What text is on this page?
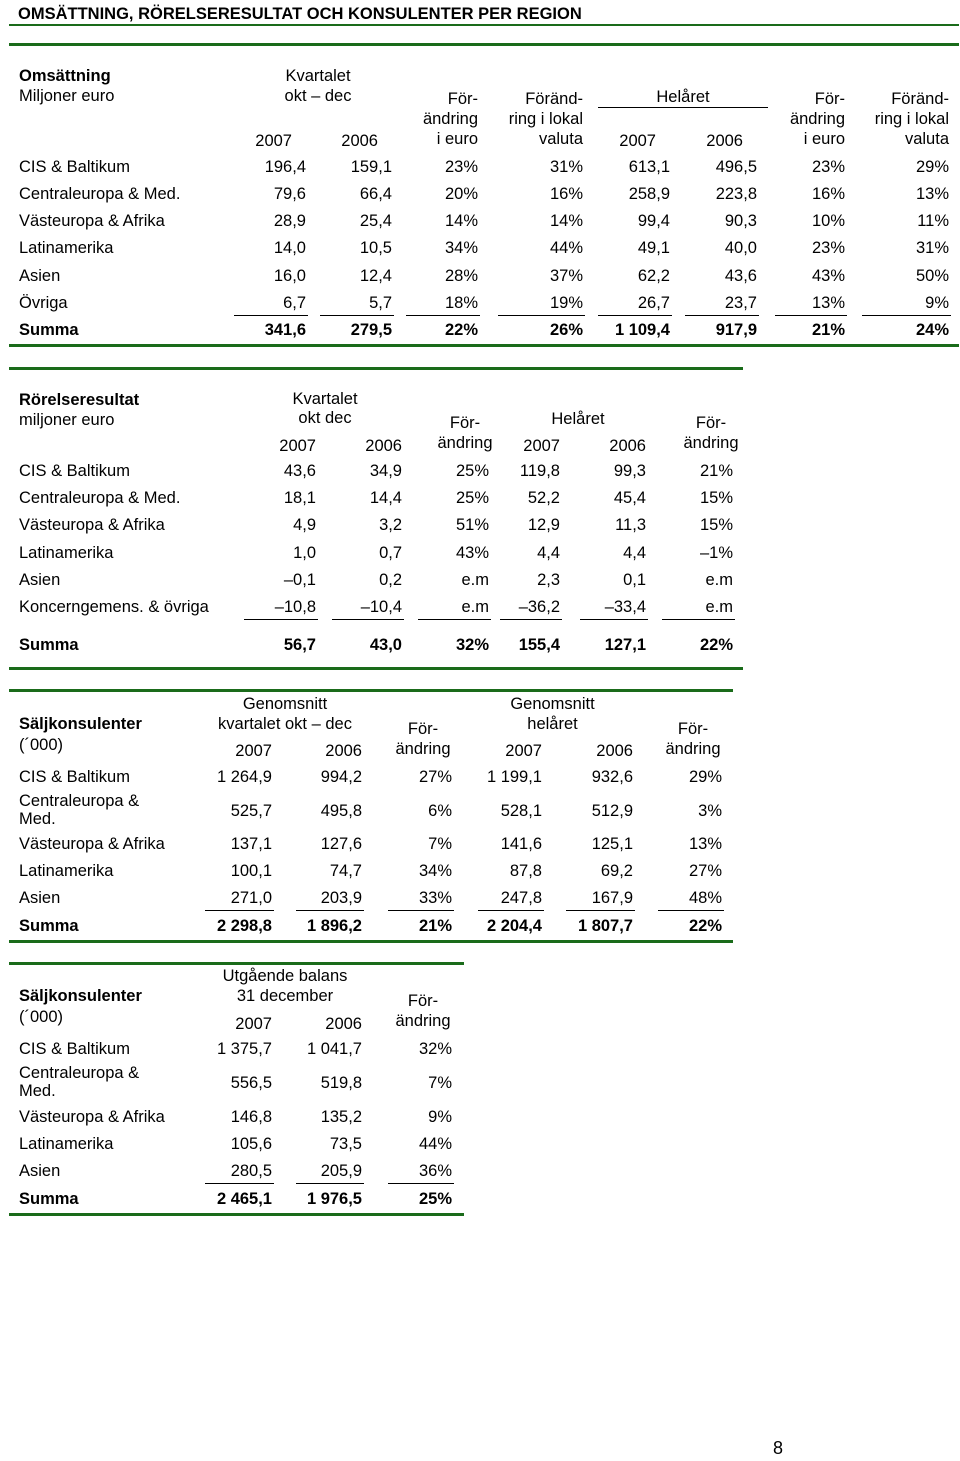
OMSÄTTNING, RÖRELSERESULTAT OCH KONSULENTER PER REGION
Omsättning
Miljoner euro
Kvartalet
okt – dec	För-
ändring
i euro
Föränd-
ring i lokal
valuta
Helåret	För-
ändring
i euro
Föränd-
ring i lokal
valuta
2007	2006	2007	2006
CIS & Baltikum	196,4	159,1	23%	31%	613,1	496,5	23%	29%
Centraleuropa & Med.	79,6	66,4	20%	16%	258,9	223,8	16%	13%
Västeuropa & Afrika	28,9	25,4	14%	14%	99,4	90,3	10%	11%
Latinamerika	14,0	10,5	34%	44%	49,1	40,0	23%	31%
Asien	16,0	12,4	28%	37%	62,2	43,6	43%	50%
Övriga	6,7	5,7	18%	19%	26,7	23,7	13%	9%
Summa	341,6	279,5	22%	26%	1 109,4	917,9	21%	24%
Rörelseresultat
miljoner euro
Kvartalet
okt dec	För-
ändring
Helåret	För-
ändring
2007	2006	2007	2006
CIS & Baltikum	43,6	34,9	25%	119,8	99,3	21%
Centraleuropa & Med.	18,1	14,4	25%	52,2	45,4	15%
Västeuropa & Afrika	4,9	3,2	51%	12,9	11,3	15%
Latinamerika	1,0	0,7	43%	4,4	4,4	–1%
Asien	–0,1	0,2	e.m	2,3	0,1	e.m
Koncerngemens. & övriga	–10,8	–10,4	e.m	–36,2	–33,4	e.m
Summa	56,7	43,0	32%	155,4	127,1	22%
Säljkonsulenter
(´000)
Genomsnitt
kvartalet okt – dec
Genomsnitt
helåret
För-
ändring
För-
ändring
2007	2006	2007	2006
CIS & Baltikum	1 264,9	994,2	27%	1 199,1	932,6	29%
Centraleuropa &
Med.	525,7	495,8	6%	528,1	512,9	3%
Västeuropa & Afrika	137,1	127,6	7%	141,6	125,1	13%
Latinamerika	100,1	74,7	34%	87,8	69,2	27%
Asien	271,0	203,9	33%	247,8	167,9	48%
Summa	2 298,8	1 896,2	21%	2 204,4	1 807,7	22%
Säljkonsulenter
(´000)
Utgående balans
31 december	För-
ändring
2007	2006
CIS & Baltikum	1 375,7	1 041,7	32%
Centraleuropa &
Med.	556,5	519,8	7%
Västeuropa & Afrika	146,8	135,2	9%
Latinamerika	105,6	73,5	44%
Asien	280,5	205,9	36%
Summa	2 465,1	1 976,5	25%
8
